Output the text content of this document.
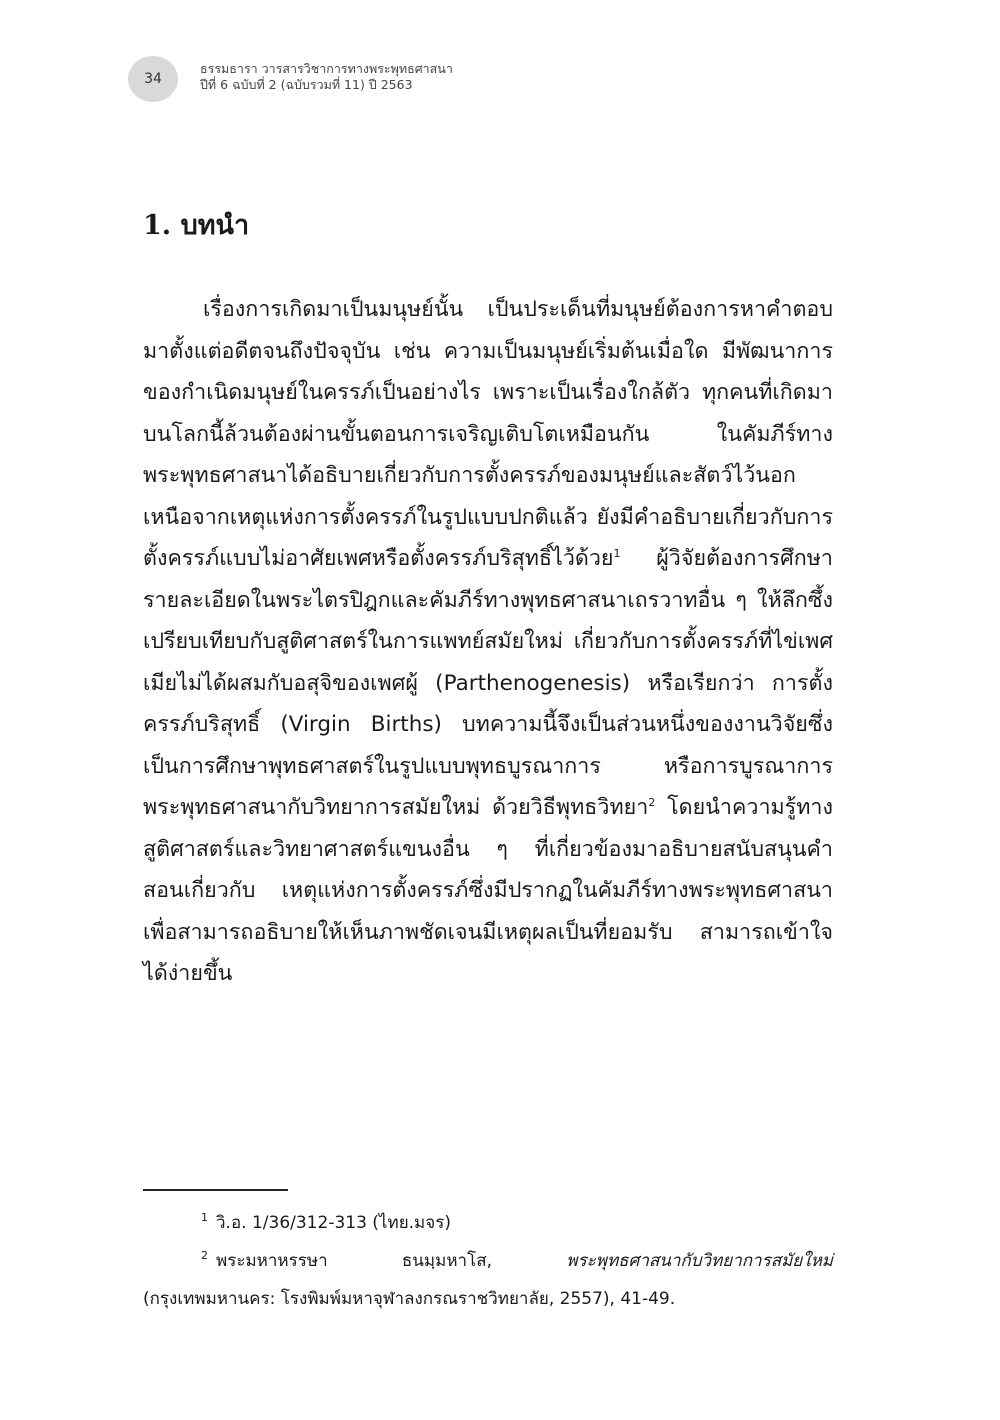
34
ธรรมธารา วารสารวิชาการทางพระพุทธศาสนา
ปีที่ 6 ฉบับที่ 2 (ฉบับรวมที่ 11) ปี 2563
1. บทนำ

เรื่องการเกิดมาเป็นมนุษย์นั้น เป็นประเด็นที่มนุษย์ต้องการหาคำตอบมาตั้งแต่อดีตจนถึงปัจจุบัน เช่น ความเป็นมนุษย์เริ่มต้นเมื่อใด มีพัฒนาการของกำเนิดมนุษย์ในครรภ์เป็นอย่างไร เพราะเป็นเรื่องใกล้ตัว ทุกคนที่เกิดมาบนโลกนี้ล้วนต้องผ่านขั้นตอนการเจริญเติบโตเหมือนกัน ในคัมภีร์ทางพระพุทธศาสนาได้อธิบายเกี่ยวกับการตั้งครรภ์ของมนุษย์และสัตว์ไว้นอกเหนือจากเหตุแห่งการตั้งครรภ์ในรูปแบบปกติแล้ว ยังมีคำอธิบายเกี่ยวกับการตั้งครรภ์แบบไม่อาศัยเพศหรือตั้งครรภ์บริสุทธิ์ไว้ด้วย$^1$ ผู้วิจัยต้องการศึกษารายละเอียดในพระไตรปิฎกและคัมภีร์ทางพุทธศาสนาเถรวาทอื่น ๆ ให้ลึกซึ้ง เปรียบเทียบกับสูติศาสตร์ในการแพทย์สมัยใหม่ เกี่ยวกับการตั้งครรภ์ที่ไข่เพศเมียไม่ได้ผสมกับอสุจิของเพศผู้ (Parthenogenesis) หรือเรียกว่า การตั้งครรภ์บริสุทธิ์ (Virgin Births) บทความนี้จึงเป็นส่วนหนึ่งของงานวิจัยซึ่งเป็นการศึกษาพุทธศาสตร์ในรูปแบบพุทธบูรณาการ หรือการบูรณาการพระพุทธศาสนากับวิทยาการสมัยใหม่ ด้วยวิธีพุทธวิทยา$^2$ โดยนำความรู้ทางสูติศาสตร์และวิทยาศาสตร์แขนงอื่น ๆ ที่เกี่ยวข้องมาอธิบายสนับสนุนคำสอนเกี่ยวกับ เหตุแห่งการตั้งครรภ์ซึ่งมีปรากฏในคัมภีร์ทางพระพุทธศาสนา เพื่อสามารถอธิบายให้เห็นภาพชัดเจนมีเหตุผลเป็นที่ยอมรับ สามารถเข้าใจได้ง่ายขึ้น

$^1$ วิ.อ. 1/36/312-313 (ไทย.มจร)

$^2$ พระมหาหรรษา ธนมฺมหาโส, พระพุทธศาสนากับวิทยาการสมัยใหม่ (กรุงเทพมหานคร: โรงพิมพ์มหาจุฬาลงกรณราชวิทยาลัย, 2557), 41-49.
